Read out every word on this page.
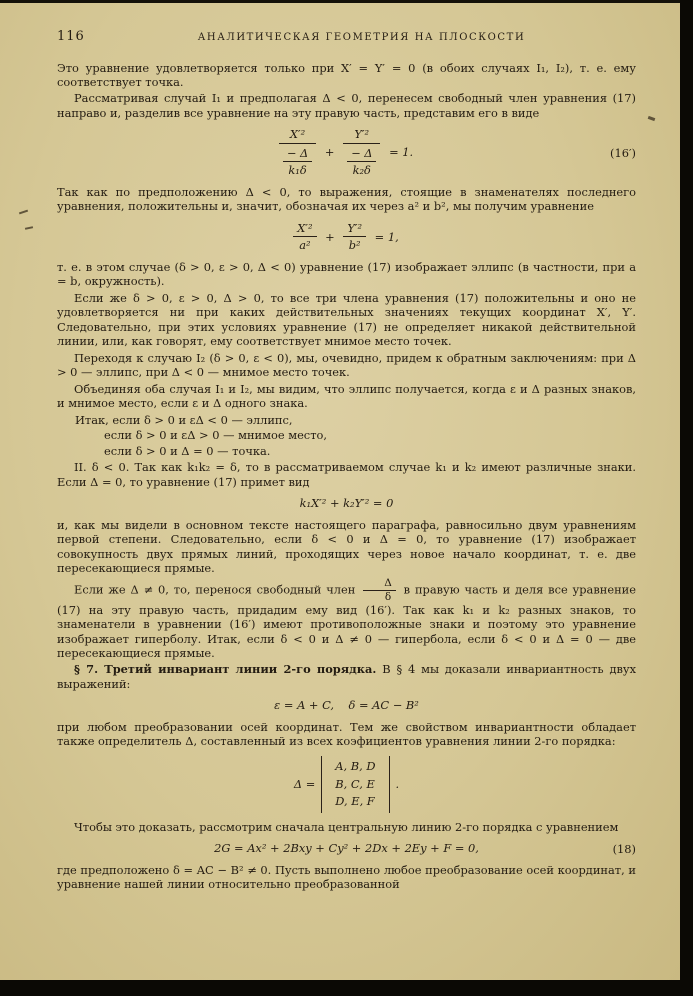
116	АНАЛИТИЧЕСКАЯ ГЕОМЕТРИЯ НА ПЛОСКОСТИ

Это уравнение удовлетворяется только при X′ = Y′ = 0 (в обоих случаях I₁, I₂), т. е. ему соответствует точка.

Рассматривая случай I₁ и предполагая Δ < 0, перенесем свободный член уравнения (17) направо и, разделив все уравнение на эту правую часть, представим его в виде

$\frac{\text{X′²}}{\frac{- \Delta}{\text{k₁δ}}} + \frac{\text{Y′²}}{\frac{- \Delta}{\text{k₂δ}}} = 1$.	(16′)

Так как по предположению Δ < 0, то выражения, стоящие в знаменателях последнего уравнения, положительны и, значит, обозначая их через a² и b², мы получим уравнение

$\frac{\text{X′²}}{\text{a²}} + \frac{\text{Y′²}}{\text{b²}} = 1$,

т. е. в этом случае (δ > 0, ε > 0, Δ < 0) уравнение (17) изображает эллипс (в частности, при a = b, окружность).

Если же δ > 0, ε > 0, Δ > 0, то все три члена уравнения (17) положительны и оно не удовлетворяется ни при каких действительных значениях текущих координат X′, Y′. Следовательно, при этих условиях уравнение (17) не определяет никакой действительной линии, или, как говорят, ему соответствует мнимое место точек.

Переходя к случаю I₂ (δ > 0, ε < 0), мы, очевидно, придем к обратным заключениям: при Δ > 0 — эллипс, при Δ < 0 — мнимое место точек.

Объединяя оба случая I₁ и I₂, мы видим, что эллипс получается, когда ε и Δ разных знаков, и мнимое место, если ε и Δ одного знака.

Итак, если δ > 0 и εΔ < 0 — эллипс,

если δ > 0 и εΔ > 0 — мнимое место,

если δ > 0 и Δ = 0 — точка.

II. δ < 0. Так как k₁k₂ = δ, то в рассматриваемом случае k₁ и k₂ имеют различные знаки. Если Δ = 0, то уравнение (17) примет вид

k₁X′² + k₂Y′² = 0

и, как мы видели в основном тексте настоящего параграфа, равносильно двум уравнениям первой степени. Следовательно, если δ < 0 и Δ = 0, то уравнение (17) изображает совокупность двух прямых линий, проходящих через новое начало координат, т. е. две пересекающиеся прямые.

Если же Δ ≠ 0, то, перенося свободный член $\frac{\Delta}{\delta}$ в правую часть и деля все уравнение (17) на эту правую часть, придадим ему вид (16′). Так как k₁ и k₂ разных знаков, то знаменатели в уравнении (16′) имеют противоположные знаки и поэтому это уравнение изображает гиперболу. Итак, если δ < 0 и Δ ≠ 0 — гипербола, если δ < 0 и Δ = 0 — две пересекающиеся прямые.

§ 7. Третий инвариант линии 2-го порядка. В § 4 мы доказали инвариантность двух выражений:

ε = A + C,    δ = AC − B²

при любом преобразовании осей координат. Тем же свойством инвариантности обладает также определитель Δ, составленный из всех коэфициентов уравнения линии 2-го порядка:

Δ =
A, B, D
B, C, E
D, E, F
.

Чтобы это доказать, рассмотрим сначала центральную линию 2-го порядка с уравнением

2G = Ax² + 2Bxy + Cy² + 2Dx + 2Ey + F = 0,	(18)

где предположено δ = AC − B² ≠ 0. Пусть выполнено любое преобразование осей координат, и уравнение нашей линии относительно преобразованной
